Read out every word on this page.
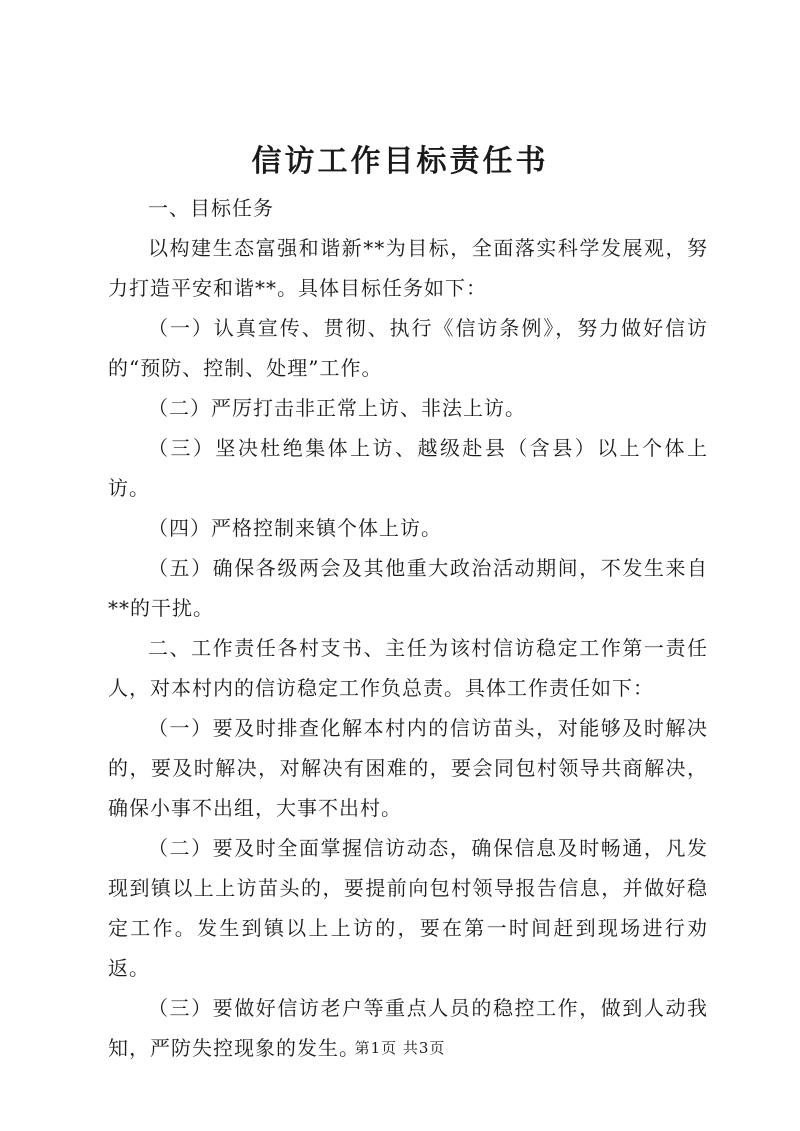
信访工作目标责任书

一、目标任务

以构建生态富强和谐新**为目标，全面落实科学发展观，努力打造平安和谐**。具体目标任务如下：

（一）认真宣传、贯彻、执行《信访条例》，努力做好信访的“预防、控制、处理”工作。

（二）严厉打击非正常上访、非法上访。

（三）坚决杜绝集体上访、越级赴县（含县）以上个体上访。

（四）严格控制来镇个体上访。

（五）确保各级两会及其他重大政治活动期间，不发生来自**的干扰。

二、工作责任各村支书、主任为该村信访稳定工作第一责任人，对本村内的信访稳定工作负总责。具体工作责任如下：

（一）要及时排查化解本村内的信访苗头，对能够及时解决的，要及时解决，对解决有困难的，要会同包村领导共商解决，确保小事不出组，大事不出村。

（二）要及时全面掌握信访动态，确保信息及时畅通，凡发现到镇以上上访苗头的，要提前向包村领导报告信息，并做好稳定工作。发生到镇以上上访的，要在第一时间赶到现场进行劝返。

（三）要做好信访老户等重点人员的稳控工作，做到人动我知，严防失控现象的发生。

第1页 共3页
